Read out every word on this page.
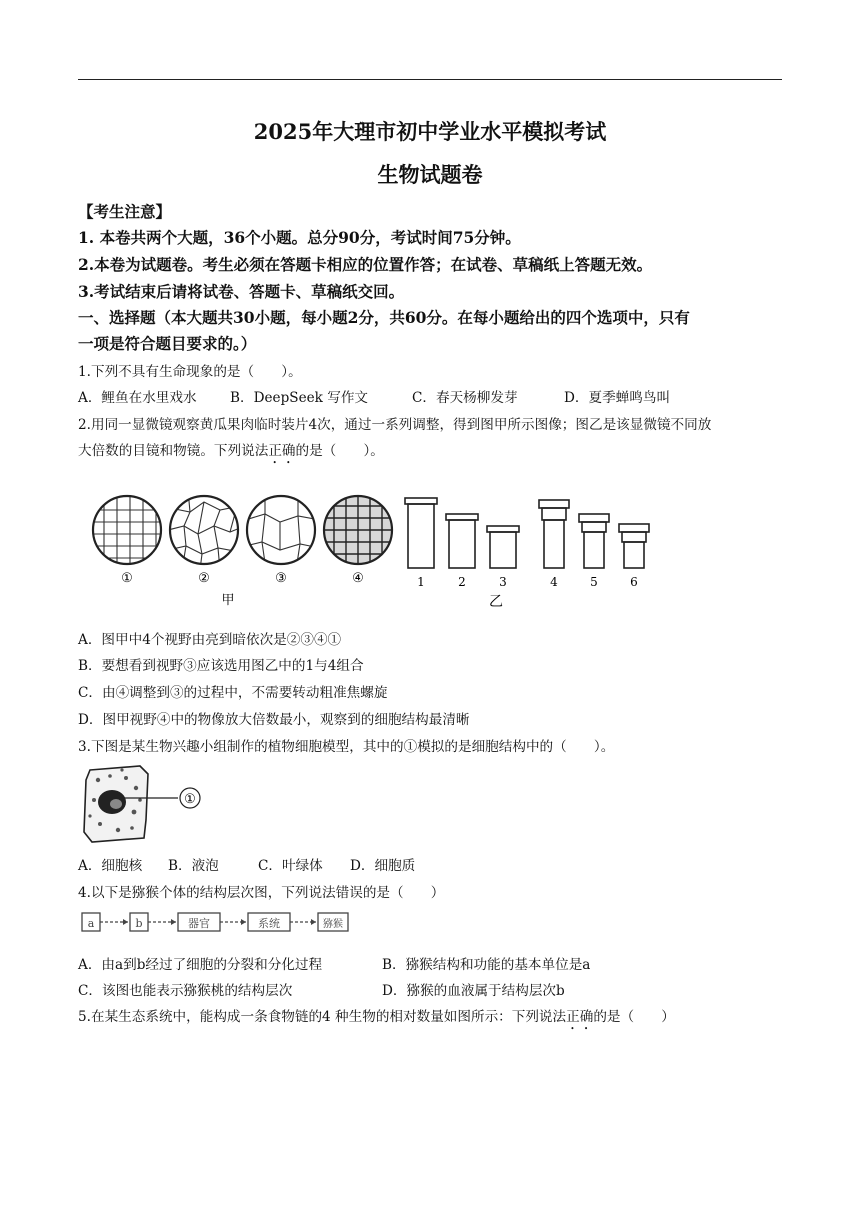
2025年大理市初中学业水平模拟考试
生物试题卷
【考生注意】
1. 本卷共两个大题，36个小题。总分90分，考试时间75分钟。
2.本卷为试题卷。考生必须在答题卡相应的位置作答；在试卷、草稿纸上答题无效。
3.考试结束后请将试卷、答题卡、草稿纸交回。
一、选择题（本大题共30小题，每小题2分，共60分。在每小题给出的四个选项中，只有
一项是符合题目要求的。）
1.下列不具有生命现象的是（　　）。
A．鲤鱼在水里戏水 B．DeepSeek 写作文	C．春天杨柳发芽	D．夏季蝉鸣鸟叫
2.用同一显微镜观察黄瓜果肉临时装片4次，通过一系列调整，得到图甲所示图像；图乙是该显微镜不同放
大倍数的目镜和物镜。下列说法正确的是（　　）。
①	②	③	④
甲
1	2	3	4	5	6
乙
A．图甲中4个视野由亮到暗依次是②③④①
B．要想看到视野③应该选用图乙中的1与4组合
C．由④调整到③的过程中，不需要转动粗准焦螺旋
D．图甲视野④中的物像放大倍数最小，观察到的细胞结构最清晰
3.下图是某生物兴趣小组制作的植物细胞模型，其中的①模拟的是细胞结构中的（　　）。
①
A．细胞核 B．液泡	C．叶绿体 D．细胞质
4.以下是猕猴个体的结构层次图，下列说法错误的是（　　）
a	b	器官	系统	猕猴
A．由a到b经过了细胞的分裂和分化过程	B．猕猴结构和功能的基本单位是a
C．该图也能表示猕猴桃的结构层次	D．猕猴的血液属于结构层次b
5.在某生态系统中，能构成一条食物链的4 种生物的相对数量如图所示：下列说法正确的是（　　）
